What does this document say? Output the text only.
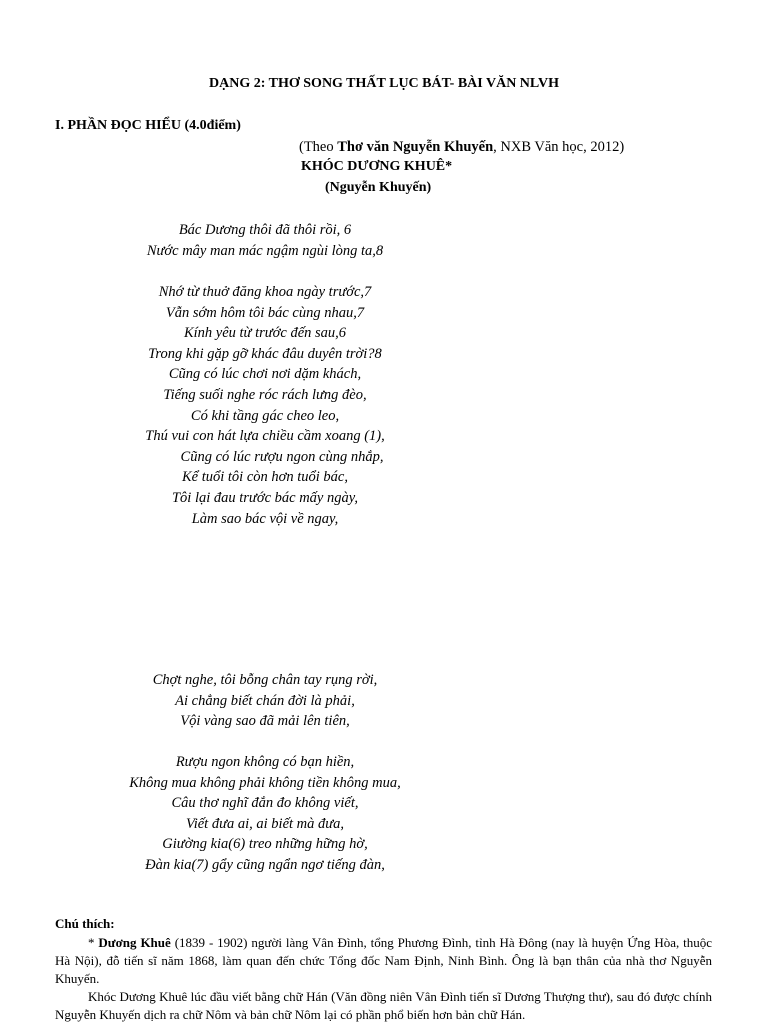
DẠNG 2: THƠ SONG THẤT LỤC BÁT- BÀI VĂN NLVH
I. PHẦN ĐỌC HIỂU (4.0điểm)
(Theo Thơ văn Nguyễn Khuyến, NXB Văn học, 2012)
KHÓC DƯƠNG KHUÊ*
(Nguyễn Khuyến)
Bác Dương thôi đã thôi rồi, 6
Nước mây man mác ngậm ngùi lòng ta,8
Nhớ từ thuở đăng khoa ngày trước,7
Vẫn sớm hôm tôi bác cùng nhau,7
Kính yêu từ trước đến sau,6
Trong khi gặp gỡ khác đâu duyên trời?8
Cũng có lúc chơi nơi dặm khách,
Tiếng suối nghe róc rách lưng đèo,
Có khi tầng gác cheo leo,
Thú vui con hát lựa chiều cầm xoang (1),
Cũng có lúc rượu ngon cùng nhắp,
Kể tuổi tôi còn hơn tuổi bác,
Tôi lại đau trước bác mấy ngày,
Làm sao bác vội về ngay,
Chợt nghe, tôi bỗng chân tay rụng rời,
Ai chẳng biết chán đời là phải,
Vội vàng sao đã mải lên tiên,
Rượu ngon không có bạn hiền,
Không mua không phải không tiền không mua,
Câu thơ nghĩ đắn đo không viết,
Viết đưa ai, ai biết mà đưa,
Giường kia(6) treo những hững hờ,
Đàn kia(7) gẩy cũng ngẩn ngơ tiếng đàn,
Chú thích:
* Dương Khuê (1839 - 1902) người làng Vân Đình, tổng Phương Đình, tỉnh Hà Đông (nay là huyện Ứng Hòa, thuộc Hà Nội), đỗ tiến sĩ năm 1868, làm quan đến chức Tổng đốc Nam Định, Ninh Bình. Ông là bạn thân của nhà thơ Nguyễn Khuyến.
Khóc Dương Khuê lúc đầu viết bằng chữ Hán (Văn đồng niên Vân Đình tiến sĩ Dương Thượng thư), sau đó được chính Nguyễn Khuyến dịch ra chữ Nôm và bản chữ Nôm lại có phần phổ biến hơn bản chữ Hán.
